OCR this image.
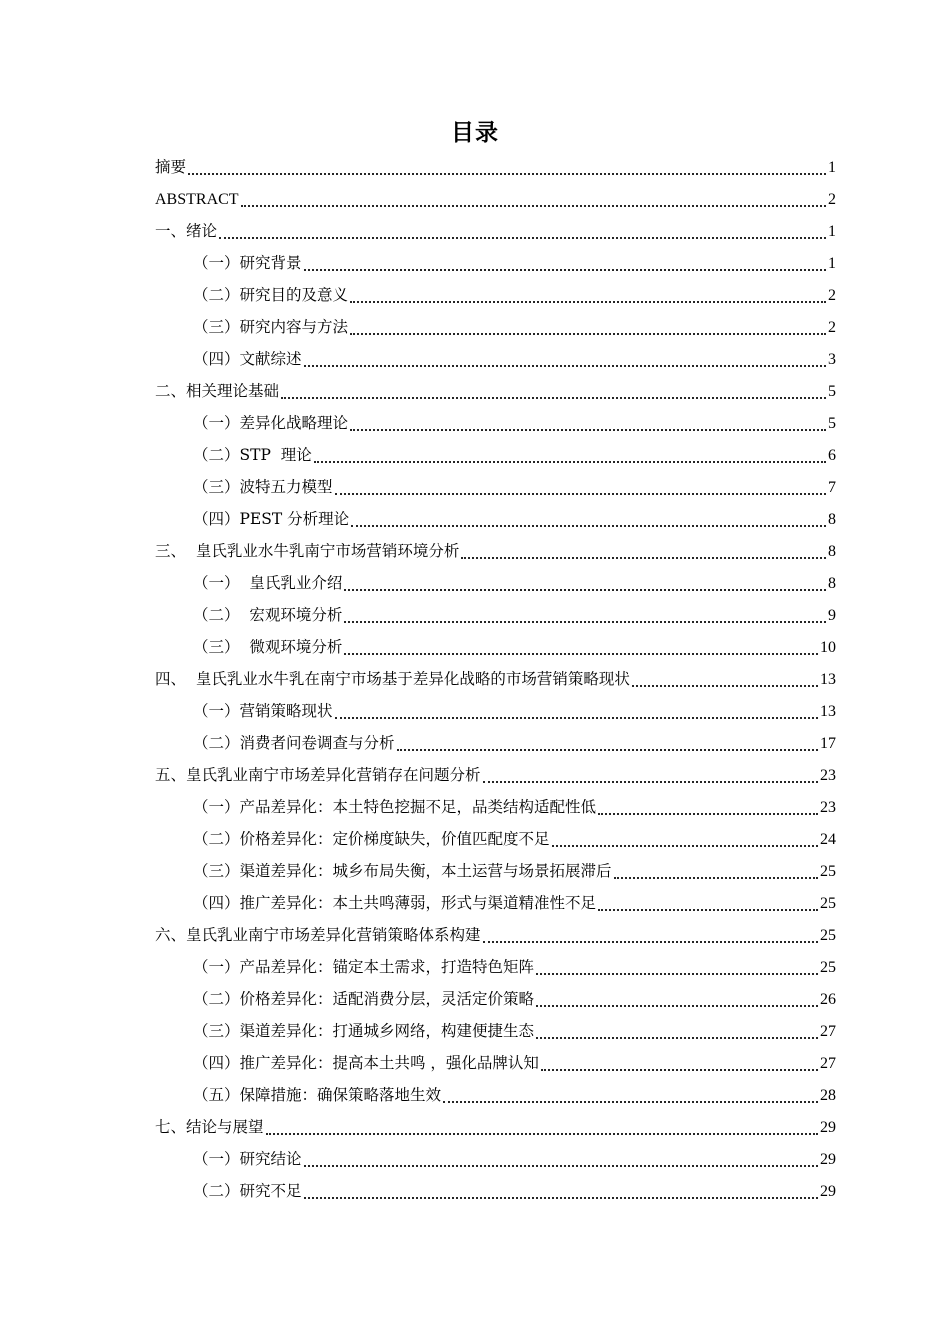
目录
摘要	1
ABSTRACT	2
一、绪论	1
（一）研究背景	1
（二）研究目的及意义	2
（三）研究内容与方法	2
（四）文献综述	3
二、相关理论基础	5
（一）差异化战略理论	5
（二）STP  理论	6
（三）波特五力模型	7
（四）PEST 分析理论	8
三、  皇氏乳业水牛乳南宁市场营销环境分析	8
（一）  皇氏乳业介绍	8
（二）  宏观环境分析	9
（三）  微观环境分析	10
四、  皇氏乳业水牛乳在南宁市场基于差异化战略的市场营销策略现状	13
（一）营销策略现状	13
（二）消费者问卷调查与分析	17
五、皇氏乳业南宁市场差异化营销存在问题分析	23
（一）产品差异化：本土特色挖掘不足，品类结构适配性低	23
（二）价格差异化：定价梯度缺失，价值匹配度不足	24
（三）渠道差异化：城乡布局失衡，本土运营与场景拓展滞后	25
（四）推广差异化：本土共鸣薄弱，形式与渠道精准性不足	25
六、皇氏乳业南宁市场差异化营销策略体系构建	25
（一）产品差异化：锚定本土需求，打造特色矩阵	25
（二）价格差异化：适配消费分层，灵活定价策略	26
（三）渠道差异化：打通城乡网络，构建便捷生态	27
（四）推广差异化：提高本土共鸣 ，强化品牌认知	27
（五）保障措施：确保策略落地生效	28
七、结论与展望	29
（一）研究结论	29
（二）研究不足	29
